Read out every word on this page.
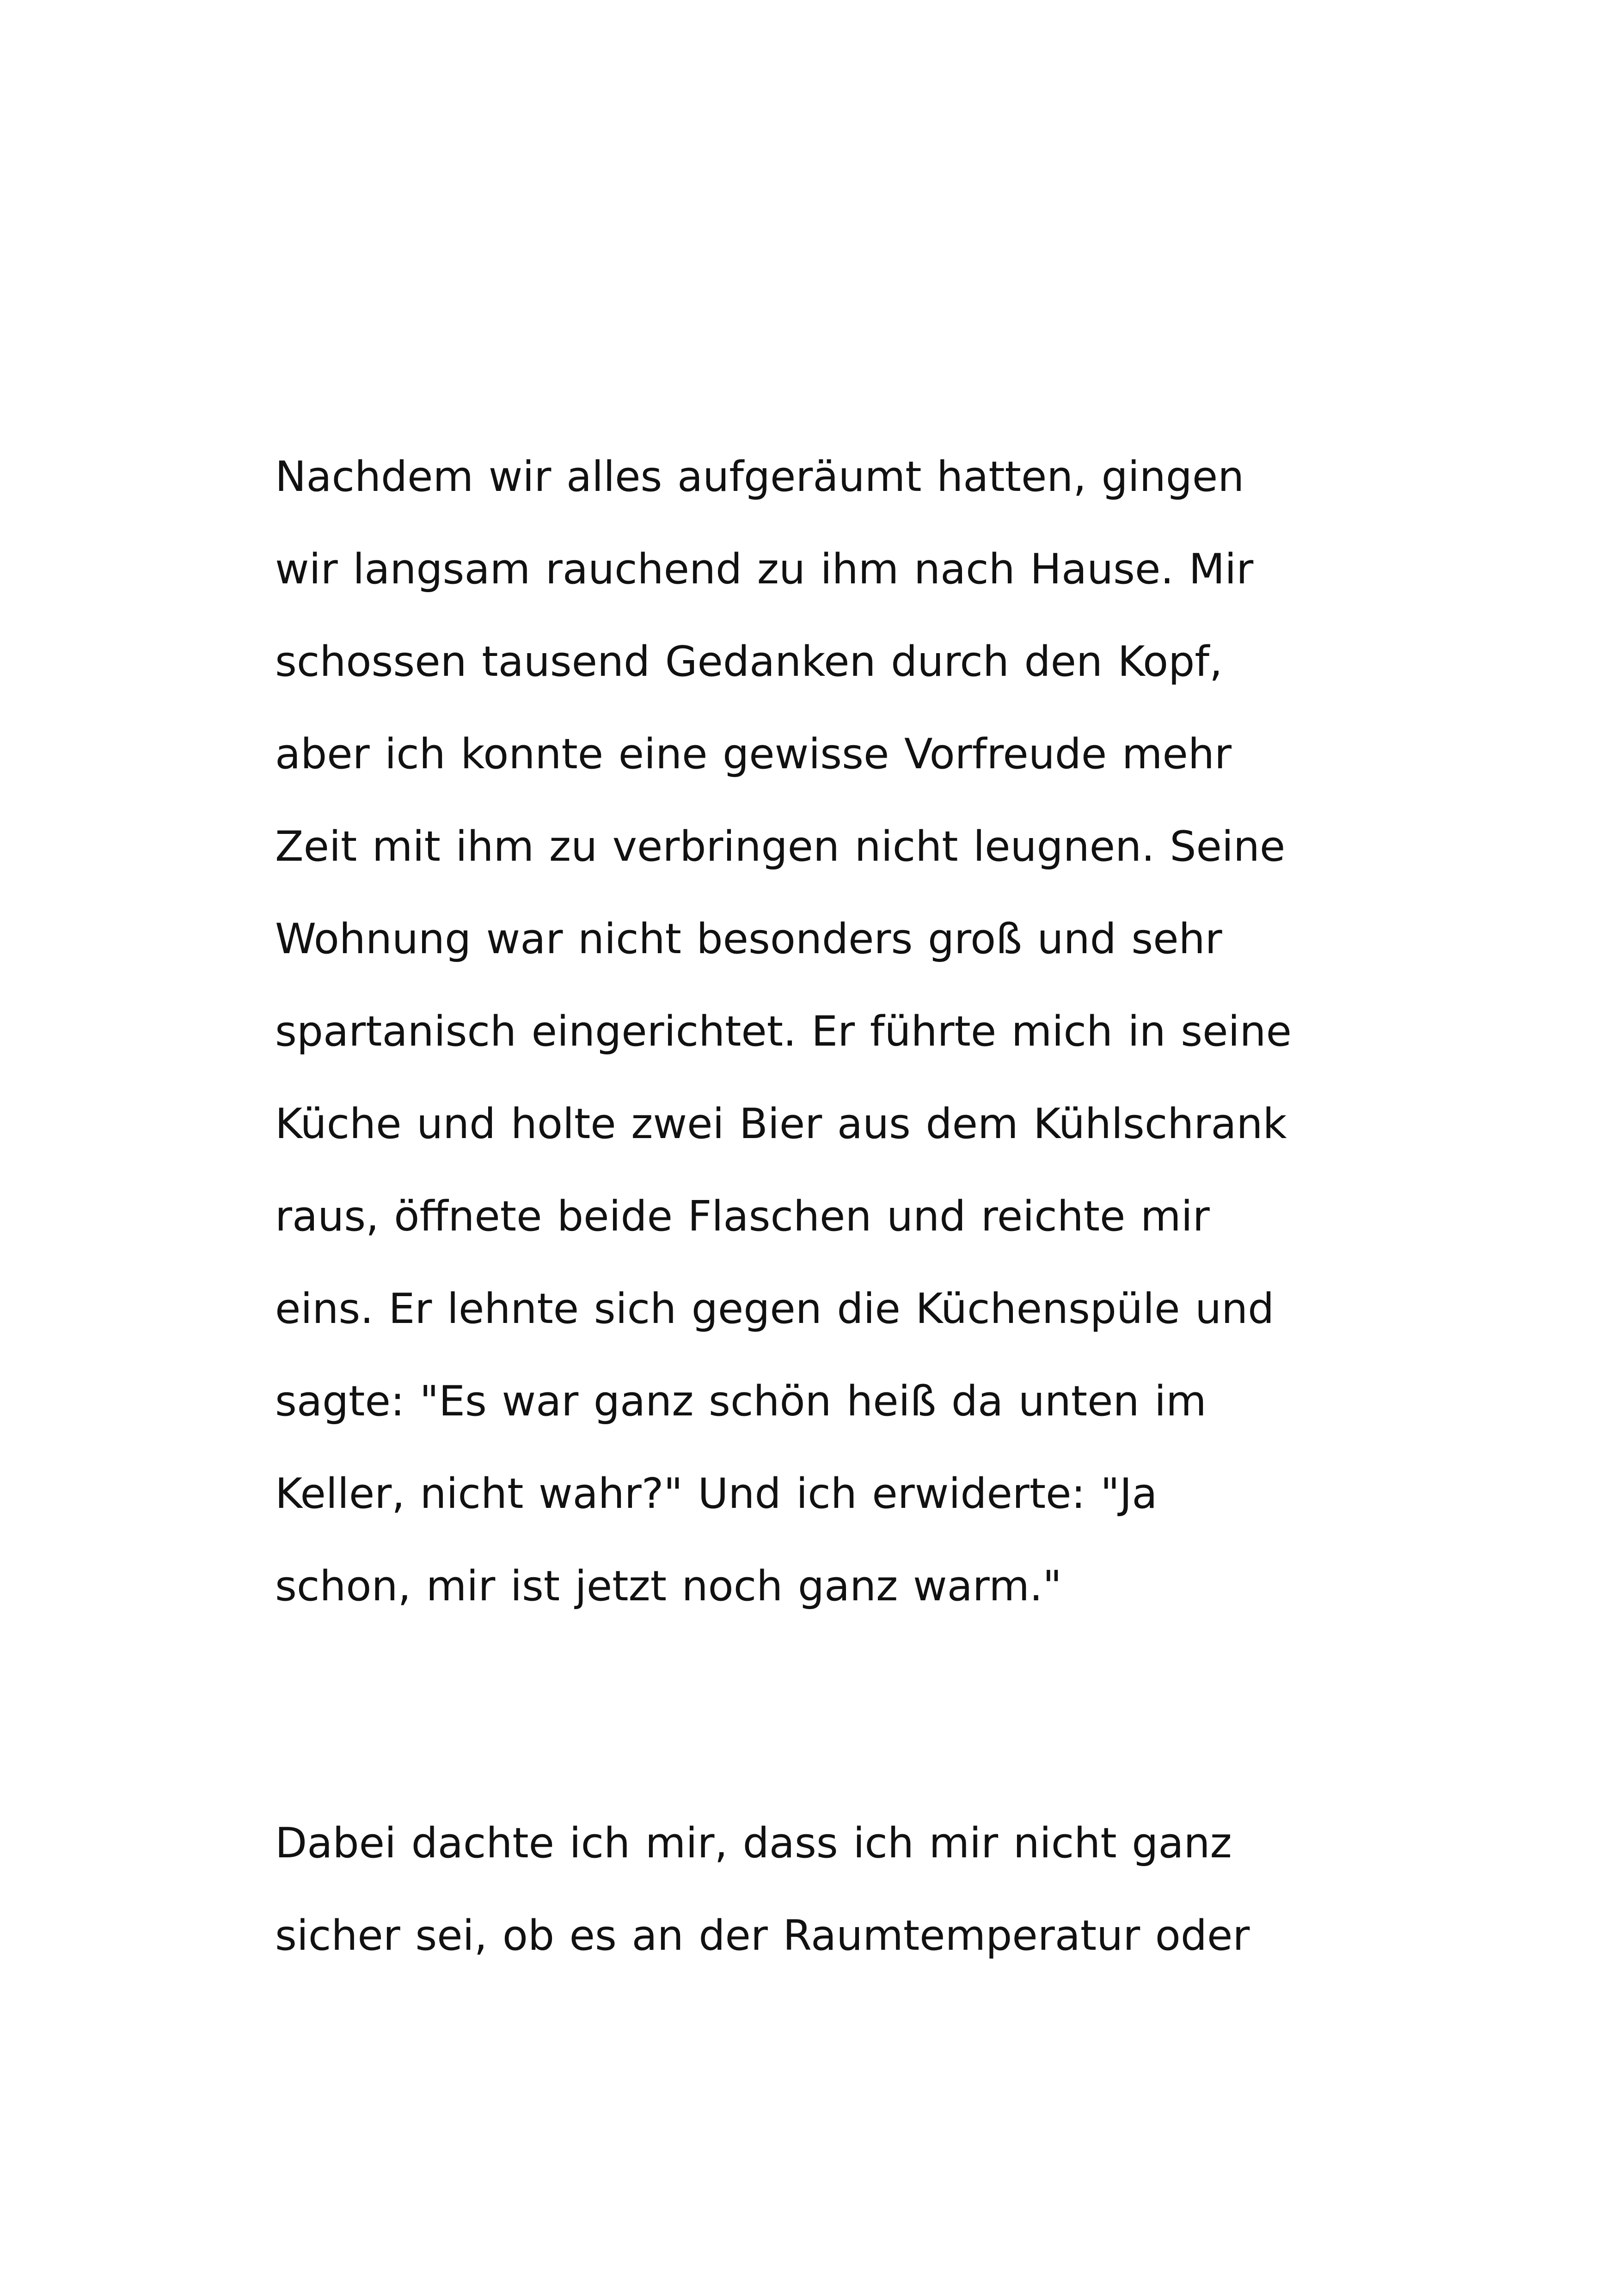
Nachdem wir alles aufgeräumt hatten, gingen
wir langsam rauchend zu ihm nach Hause. Mir
schossen tausend Gedanken durch den Kopf,
aber ich konnte eine gewisse Vorfreude mehr
Zeit mit ihm zu verbringen nicht leugnen. Seine
Wohnung war nicht besonders groß und sehr
spartanisch eingerichtet. Er führte mich in seine
Küche und holte zwei Bier aus dem Kühlschrank
raus, öffnete beide Flaschen und reichte mir
eins. Er lehnte sich gegen die Küchenspüle und
sagte: "Es war ganz schön heiß da unten im
Keller, nicht wahr?" Und ich erwiderte: "Ja
schon, mir ist jetzt noch ganz warm."
Dabei dachte ich mir, dass ich mir nicht ganz
sicher sei, ob es an der Raumtemperatur oder
